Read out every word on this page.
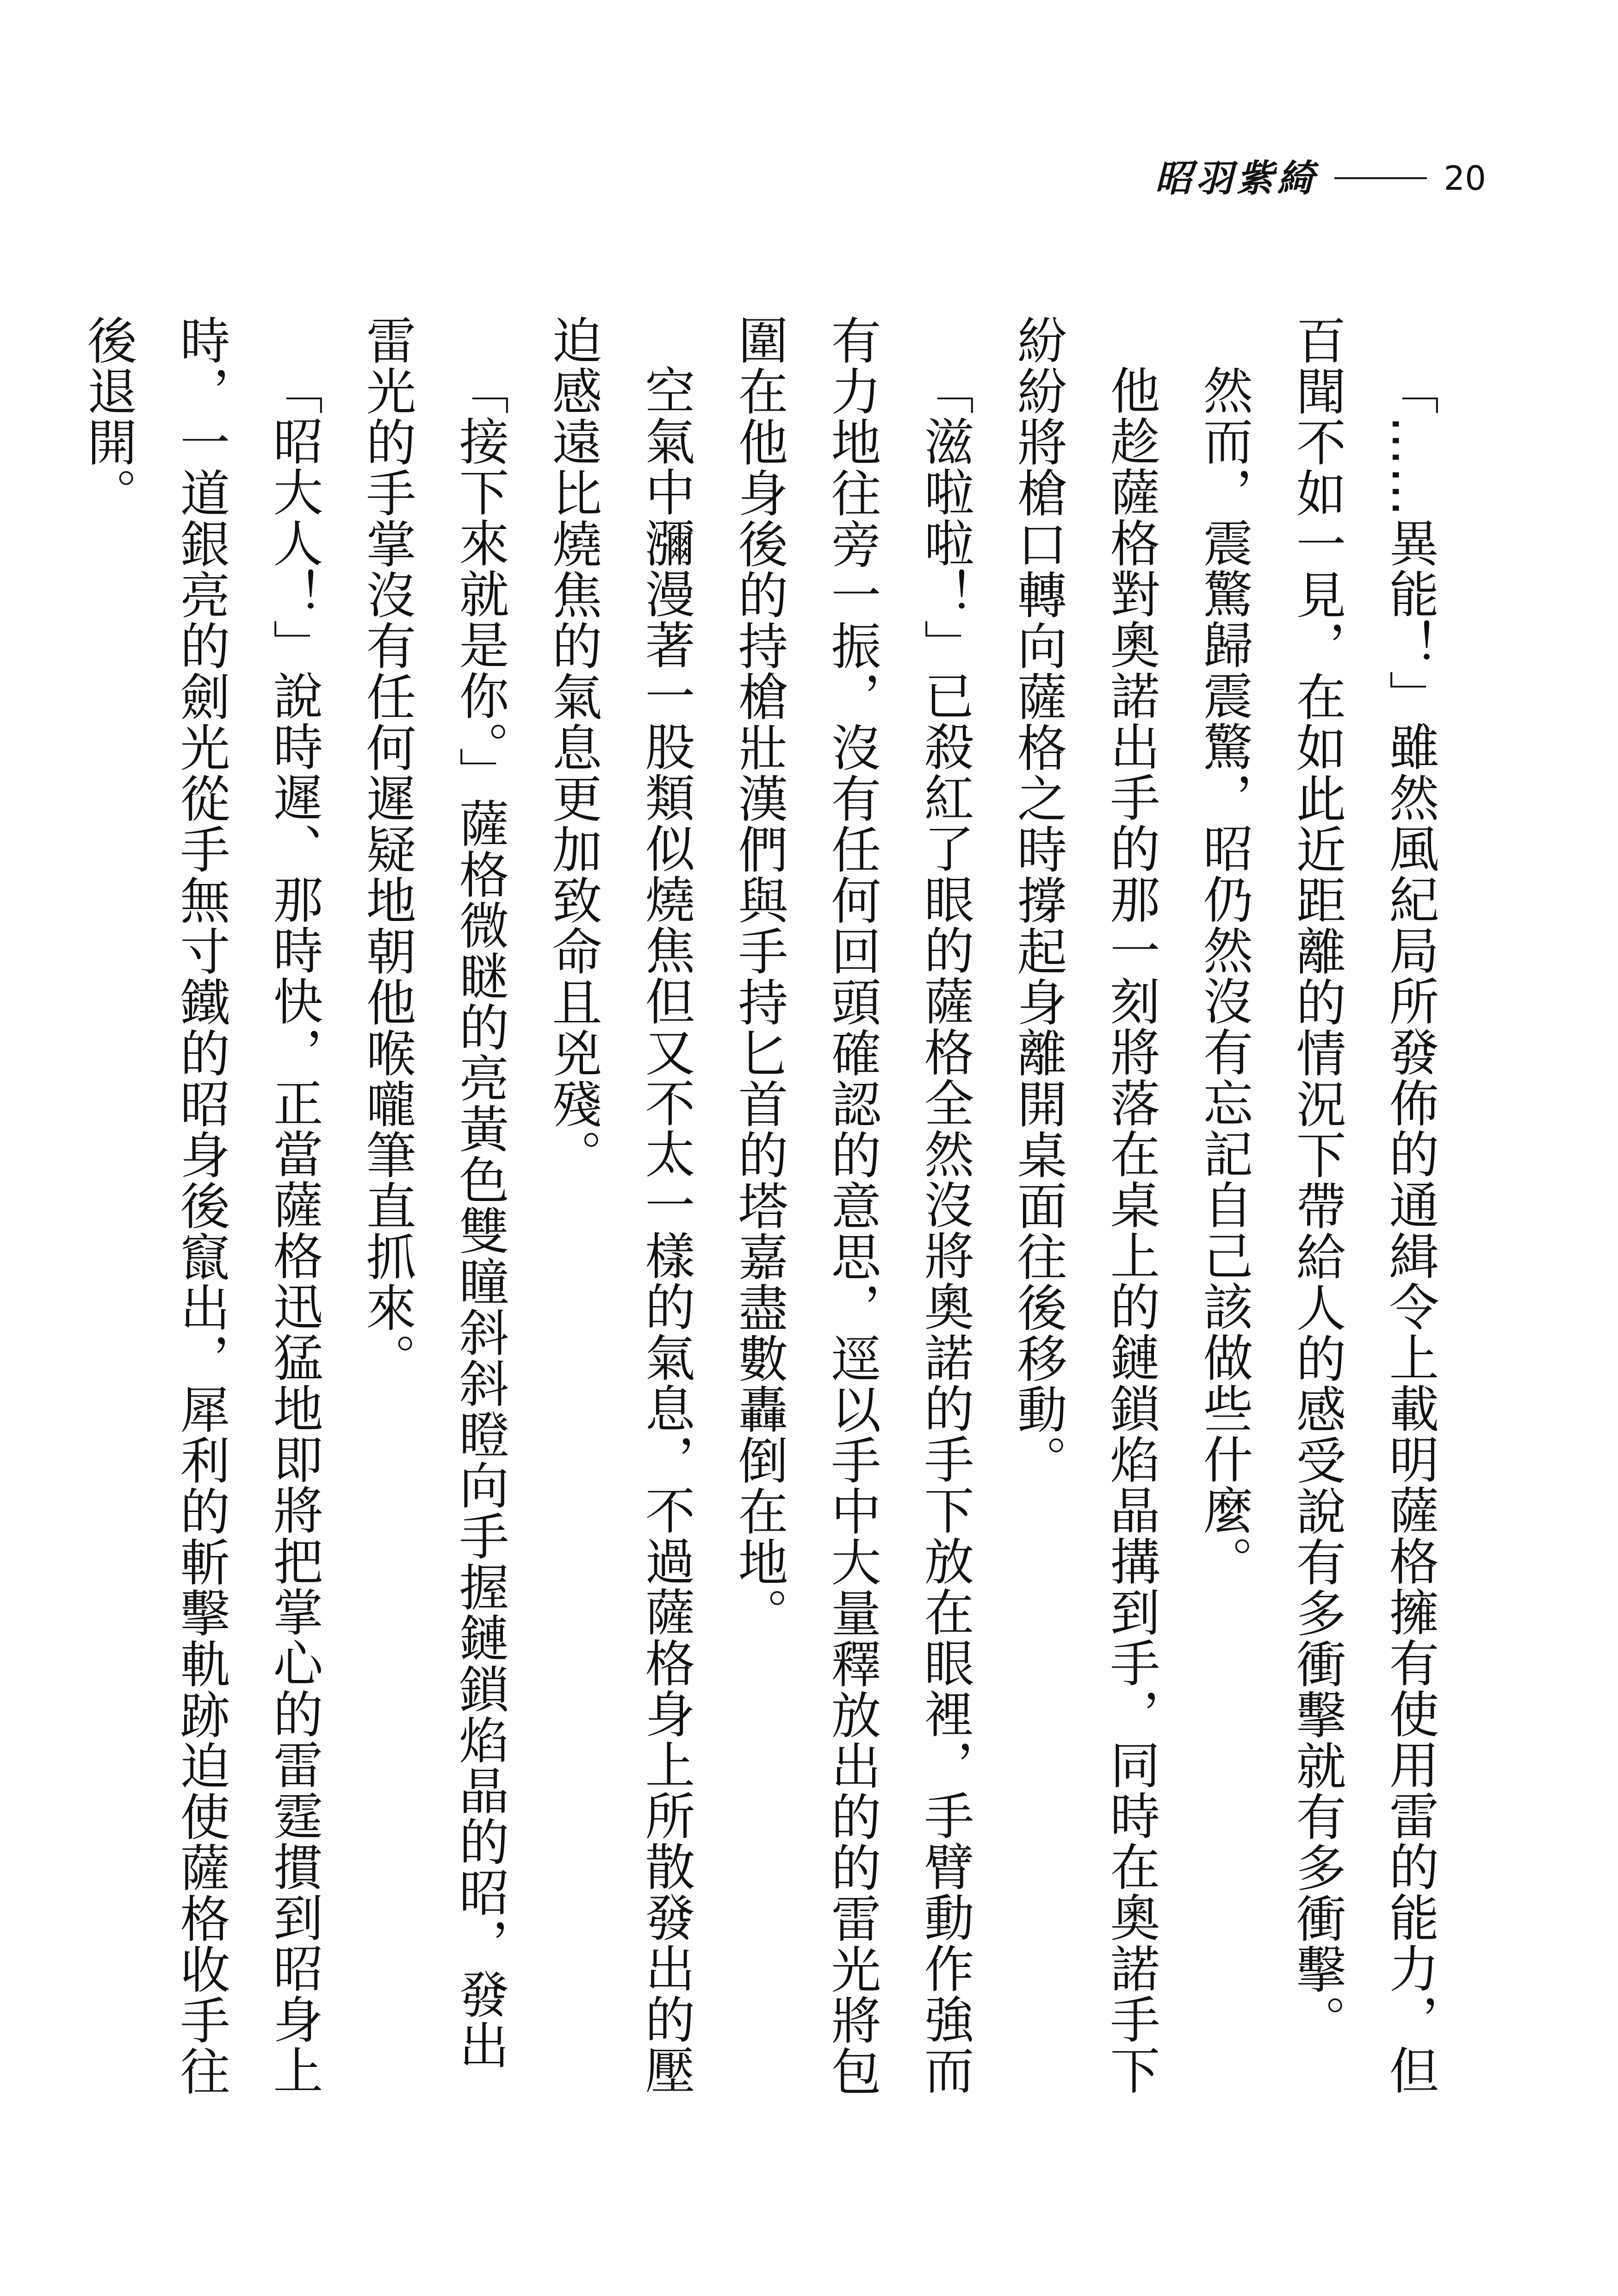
昭羽紫綺	20

「……異能！」雖然風紀局所發佈的通緝令上載明薩格擁有使用雷的能力，但百聞不如一見，在如此近距離的情況下帶給人的感受說有多衝擊就有多衝擊。

然而，震驚歸震驚，昭仍然沒有忘記自己該做些什麼。

他趁薩格對奧諾出手的那一刻將落在桌上的鏈鎖焰晶搆到手，同時在奧諾手下紛紛將槍口轉向薩格之時撐起身離開桌面往後移動。

「滋啦啦！」已殺紅了眼的薩格全然沒將奧諾的手下放在眼裡，手臂動作強而有力地往旁一振，沒有任何回頭確認的意思，逕以手中大量釋放出的的雷光將包圍在他身後的持槍壯漢們與手持匕首的塔嘉盡數轟倒在地。

空氣中瀰漫著一股類似燒焦但又不太一樣的氣息，不過薩格身上所散發出的壓迫感遠比燒焦的氣息更加致命且兇殘。

「接下來就是你。」薩格微瞇的亮黃色雙瞳斜斜瞪向手握鏈鎖焰晶的昭，發出雷光的手掌沒有任何遲疑地朝他喉嚨筆直抓來。

「昭大人！」說時遲、那時快，正當薩格迅猛地即將把掌心的雷霆摜到昭身上時，一道銀亮的劍光從手無寸鐵的昭身後竄出，犀利的斬擊軌跡迫使薩格收手往後退開。
